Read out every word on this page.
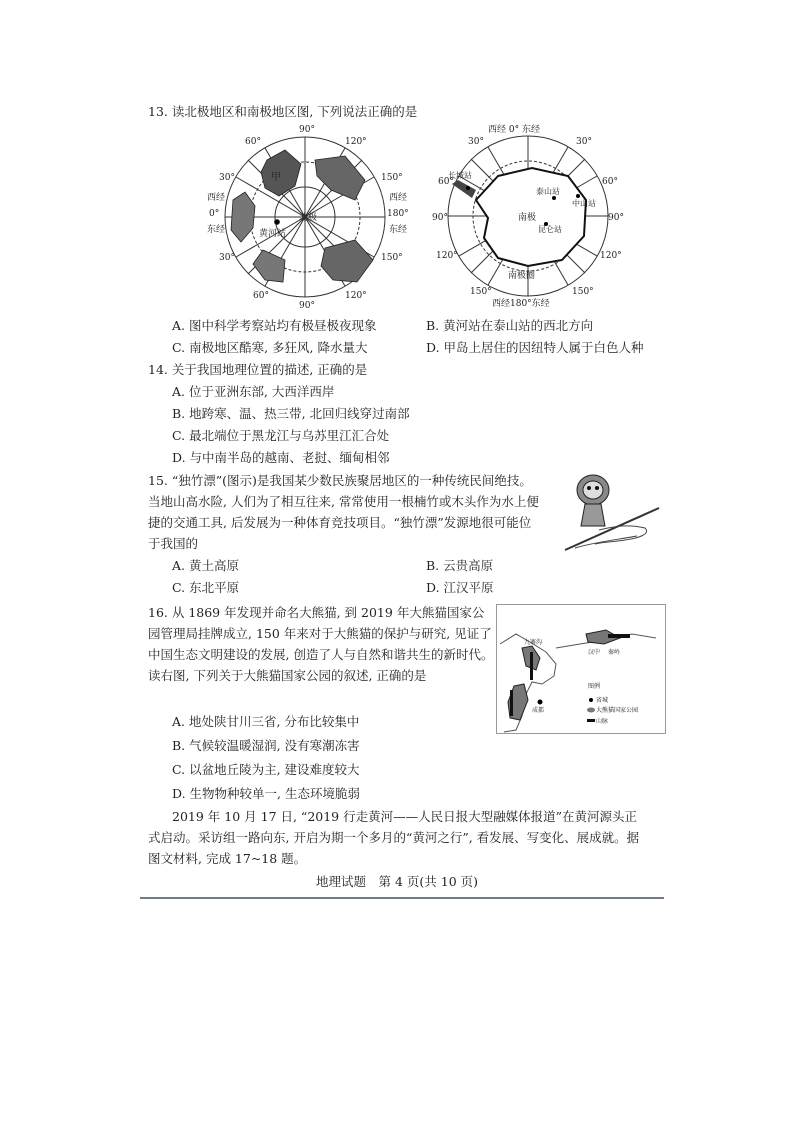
13. 读北极地区和南极地区图, 下列说法正确的是
90°
60°	120°
30°	150°
30°	150°
60°
90°
120°
西经
0°
东经
西经
180°
东经
甲
黄河站
北极
西经 0° 东经
30°	30°
60°	60°
90°	90°
120°	120°
150°	150°
西经180°东经
长城站
泰山站
中山站
昆仑站
南极
南极圈
A. 图中科学考察站均有极昼极夜现象	B. 黄河站在泰山站的西北方向
C. 南极地区酷寒, 多狂风, 降水量大	D. 甲岛上居住的因纽特人属于白色人种
14. 关于我国地理位置的描述, 正确的是
A. 位于亚洲东部, 大西洋西岸
B. 地跨寒、温、热三带, 北回归线穿过南部
C. 最北端位于黑龙江与乌苏里江汇合处
D. 与中南半岛的越南、老挝、缅甸相邻
15. “独竹漂”(图示)是我国某少数民族聚居地区的一种传统民间绝技。当地山高水险, 人们为了相互往来, 常常使用一根楠竹或木头作为水上便捷的交通工具, 后发展为一种体育竞技项目。“独竹漂”发源地很可能位于我国的
A. 黄土高原	B. 云贵高原
C. 东北平原	D. 江汉平原
16. 从 1869 年发现并命名大熊猫, 到 2019 年大熊猫国家公园管理局挂牌成立, 150 年来对于大熊猫的保护与研究, 见证了中国生态文明建设的发展, 创造了人与自然和谐共生的新时代。读右图, 下列关于大熊猫国家公园的叙述, 正确的是
九寨沟
汉中 秦岭
成都
图例
省城
大熊猫国家公园
山脉
A. 地处陕甘川三省, 分布比较集中
B. 气候较温暖湿润, 没有寒潮冻害
C. 以盆地丘陵为主, 建设难度较大
D. 生物物种较单一, 生态环境脆弱
2019 年 10 月 17 日, “2019 行走黄河——人民日报大型融媒体报道”在黄河源头正式启动。采访组一路向东, 开启为期一个多月的“黄河之行”, 看发展、写变化、展成就。据图文材料, 完成 17~18 题。
地理试题　第 4 页(共 10 页)
